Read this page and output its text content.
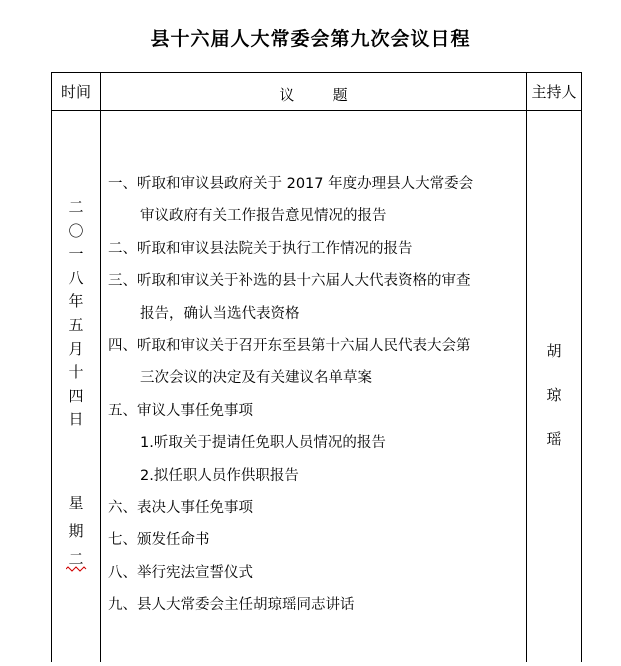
县十六届人大常委会第九次会议日程
时间	议        题	主持人
二
〇
一
八
年
五
月
十
四
日
星
期
二

一、听取和审议县政府关于 2017 年度办理县人大常委会

审议政府有关工作报告意见情况的报告

二、听取和审议县法院关于执行工作情况的报告

三、听取和审议关于补选的县十六届人大代表资格的审查

报告，确认当选代表资格

四、听取和审议关于召开东至县第十六届人民代表大会第

三次会议的决定及有关建议名单草案

五、审议人事任免事项

1.听取关于提请任免职人员情况的报告

2.拟任职人员作供职报告

六、表决人事任免事项

七、颁发任命书

八、举行宪法宣誓仪式

九、县人大常委会主任胡琼瑶同志讲话

胡
琼
瑶
